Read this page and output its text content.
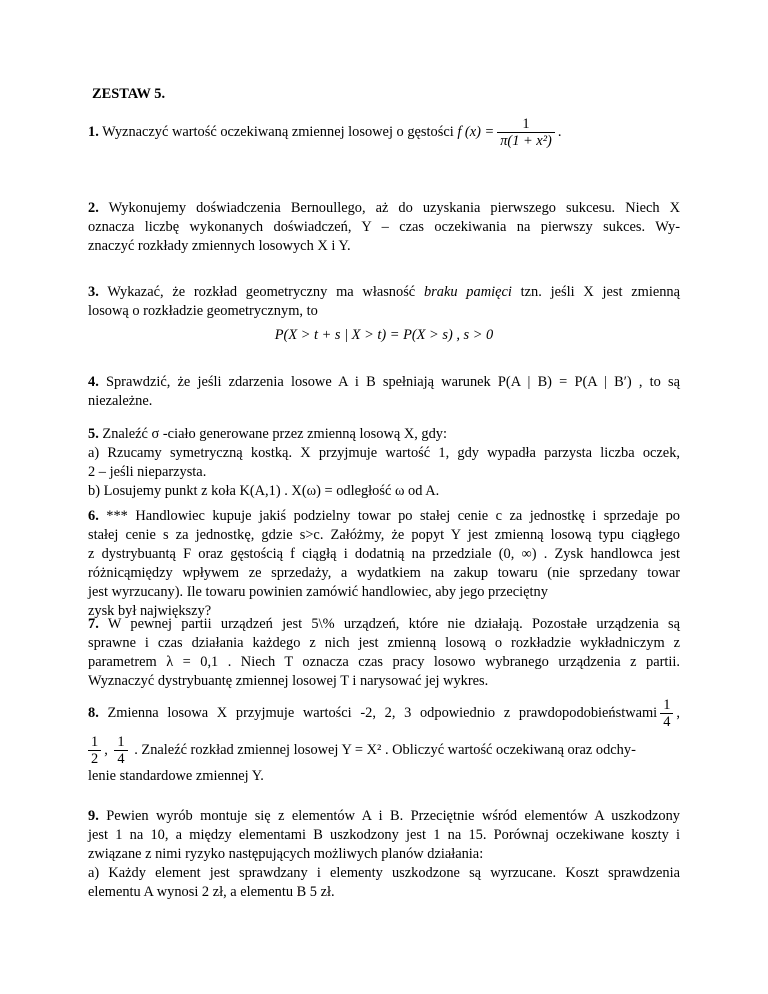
ZESTAW 5.
1. Wyznaczyć wartość oczekiwaną zmiennej losowej o gęstości f $(x) = \frac{1}{\text{π(1 + x²)}}$ .
2. Wykonujemy doświadczenia Bernoullego, aż do uzyskania pierwszego sukcesu. Niech X
oznacza liczbę wykonanych doświadczeń, Y – czas oczekiwania na pierwszy sukces. Wy-
znaczyć rozkłady zmiennych losowych X i Y.
3. Wykazać, że rozkład geometryczny ma własność braku pamięci tzn. jeśli X jest zmienną
losową o rozkładzie geometrycznym, to
P(X > t + s | X > t) = P(X > s) , s > 0
4. Sprawdzić, że jeśli zdarzenia losowe A i B spełniają warunek P(A | B) = P(A | B′) , to są
niezależne.
5. Znaleźć σ -ciało generowane przez zmienną losową X, gdy:
a) Rzucamy symetryczną kostką. X przyjmuje wartość 1, gdy wypadła parzysta liczba oczek,
2 – jeśli nieparzysta.
b) Losujemy punkt z koła K(A,1) . X(ω) = odległość ω od A.
6. *** Handlowiec kupuje jakiś podzielny towar po stałej cenie c za jednostkę i sprzedaje po
stałej cenie s za jednostkę, gdzie s>c. Załóżmy, że popyt Y jest zmienną losową typu ciągłego
z dystrybuantą F oraz gęstością f ciągłą i dodatnią na przedziale (0, ∞) . Zysk handlowca jest
różnicąmiędzy wpływem ze sprzedaży, a wydatkiem na zakup towaru (nie sprzedany towar
jest wyrzucany). Ile towaru powinien zamówić handlowiec, aby jego przeciętny
zysk był największy?
7. W pewnej partii urządzeń jest 5\% urządzeń, które nie działają. Pozostałe urządzenia są
sprawne i czas działania każdego z nich jest zmienną losową o rozkładzie wykładniczym z
parametrem λ = 0,1 . Niech T oznacza czas pracy losowo wybranego urządzenia z partii.
Wyznaczyć dystrybuantę zmiennej losowej T i narysować jej wykres.
8. Zmienna losowa X przyjmuje wartości -2, 2, 3 odpowiednio z prawdopodobieństwami $\frac{1}{4}$ ,
$\frac{1}{2}$ , $\frac{1}{4}$ . Znaleźć rozkład zmiennej losowej Y = X² . Obliczyć wartość oczekiwaną oraz odchy-
lenie standardowe zmiennej Y.
9. Pewien wyrób montuje się z elementów A i B. Przeciętnie wśród elementów A uszkodzony
jest 1 na 10, a między elementami B uszkodzony jest 1 na 15. Porównaj oczekiwane koszty i
związane z nimi ryzyko następujących możliwych planów działania:
a) Każdy element jest sprawdzany i elementy uszkodzone są wyrzucane. Koszt sprawdzenia
elementu A wynosi 2 zł, a elementu B 5 zł.
